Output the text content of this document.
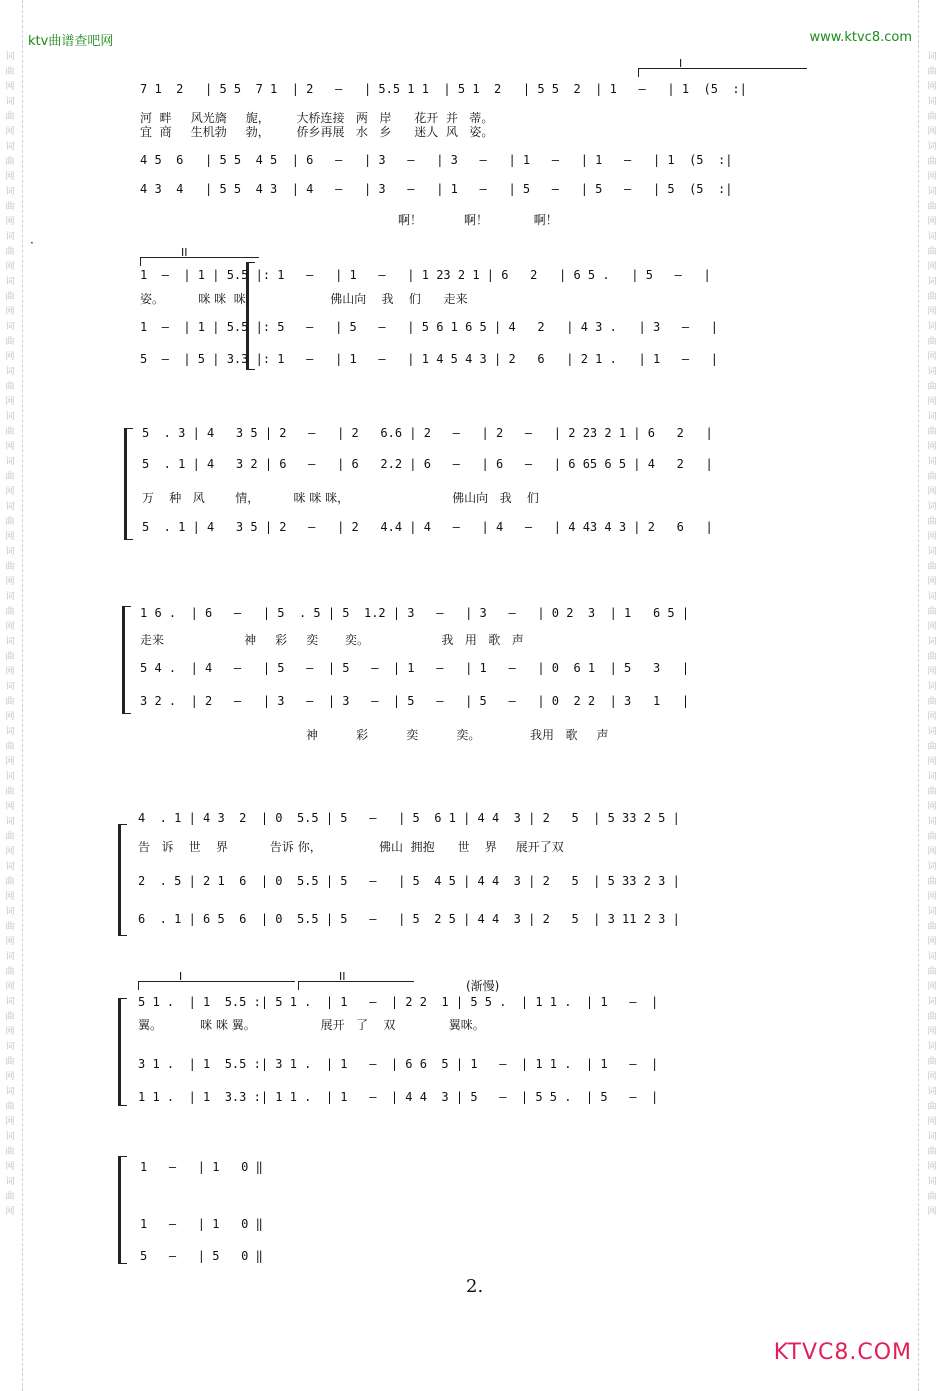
ktv曲谱查吧网	www.ktvc8.com
词曲网词曲网词曲网词曲网词曲网词曲网词曲网词曲网词曲网词曲网词曲网词曲网词曲网词曲网词曲网词曲网词曲网词曲网词曲网词曲网词曲网词曲网词曲网词曲网词曲网词曲网
词曲网词曲网词曲网词曲网词曲网词曲网词曲网词曲网词曲网词曲网词曲网词曲网词曲网词曲网词曲网词曲网词曲网词曲网词曲网词曲网词曲网词曲网词曲网词曲网词曲网词曲网
·
I
7 1  2   | 5 5  7 1  | 2   —   | 5.5 1 1  | 5 1  2   | 5 5  2  | 1   —   | 1  (5  :|
河  畔     风光旖     旎，       大桥连接   两   岸      花开  并   蒂。
宜  商     生机勃     勃，       侨乡再展   水   乡      迷人  风   姿。
4 5  6   | 5 5  4 5  | 6   —   | 3   —   | 3   —   | 1   —   | 1   —   | 1  (5  :|
4 3  4   | 5 5  4 3  | 4   —   | 3   —   | 1   —   | 5   —   | 5   —   | 5  (5  :|
啊！           啊！            啊！
II
1  —  | 1 | 5.5 |: 1   —   | 1   —   | 1 23 2 1 | 6   2   | 6 5 .   | 5   —   |
姿。         咪 咪  咪，                   佛山向    我    们      走来
1  —  | 1 | 5.5 |: 5   —   | 5   —   | 5 6 1 6 5 | 4   2   | 4 3 .   | 3   —   |
5  —  | 5 | 3.3 |: 1   —   | 1   —   | 1 4 5 4 3 | 2   6   | 2 1 .   | 1   —   |
5  . 3 | 4   3 5 | 2   —   | 2   6.6 | 2   —   | 2   —   | 2 23 2 1 | 6   2   |
5  . 1 | 4   3 2 | 6   —   | 6   2.2 | 6   —   | 6   —   | 6 65 6 5 | 4   2   |
万    种   风        情，         咪 咪 咪，                           佛山向   我    们
5  . 1 | 4   3 5 | 2   —   | 2   4.4 | 4   —   | 4   —   | 4 43 4 3 | 2   6   |
1 6 .  | 6   —   | 5  . 5 | 5  1.2 | 3   —   | 3   —   | 0 2  3  | 1   6 5 |
走来                     神     彩     奕       奕。                   我   用   歌   声
5 4 .  | 4   —   | 5   —  | 5   —  | 1   —   | 1   —   | 0  6 1  | 5   3   |
3 2 .  | 2   —   | 3   —  | 3   —  | 5   —   | 5   —   | 0  2 2  | 3   1   |
神          彩          奕          奕。             我用   歌     声
4  . 1 | 4 3  2  | 0  5.5 | 5   —   | 5  6 1 | 4 4  3 | 2   5  | 5 33 2 5 |
告   诉    世    界           告诉 你，               佛山  拥抱      世    界     展开了双
2  . 5 | 2 1  6  | 0  5.5 | 5   —   | 5  4 5 | 4 4  3 | 2   5  | 5 33 2 3 |
6  . 1 | 6 5  6  | 0  5.5 | 5   —   | 5  2 5 | 4 4  3 | 2   5  | 3 11 2 3 |
I	II
(渐慢)
5 1 .  | 1  5.5 :| 5 1 .  | 1   —  | 2 2  1 | 5 5 .  | 1 1 .  | 1   —  |
翼。          咪 咪 翼。                 展开   了    双              翼咪。
3 1 .  | 1  5.5 :| 3 1 .  | 1   —  | 6 6  5 | 1   —  | 1 1 .  | 1   —  |
1 1 .  | 1  3.3 :| 1 1 .  | 1   —  | 4 4  3 | 5   —  | 5 5 .  | 5   —  |
1   —   | 1   0 ‖
1   —   | 1   0 ‖
5   —   | 5   0 ‖
2.
KTVC8.COM
